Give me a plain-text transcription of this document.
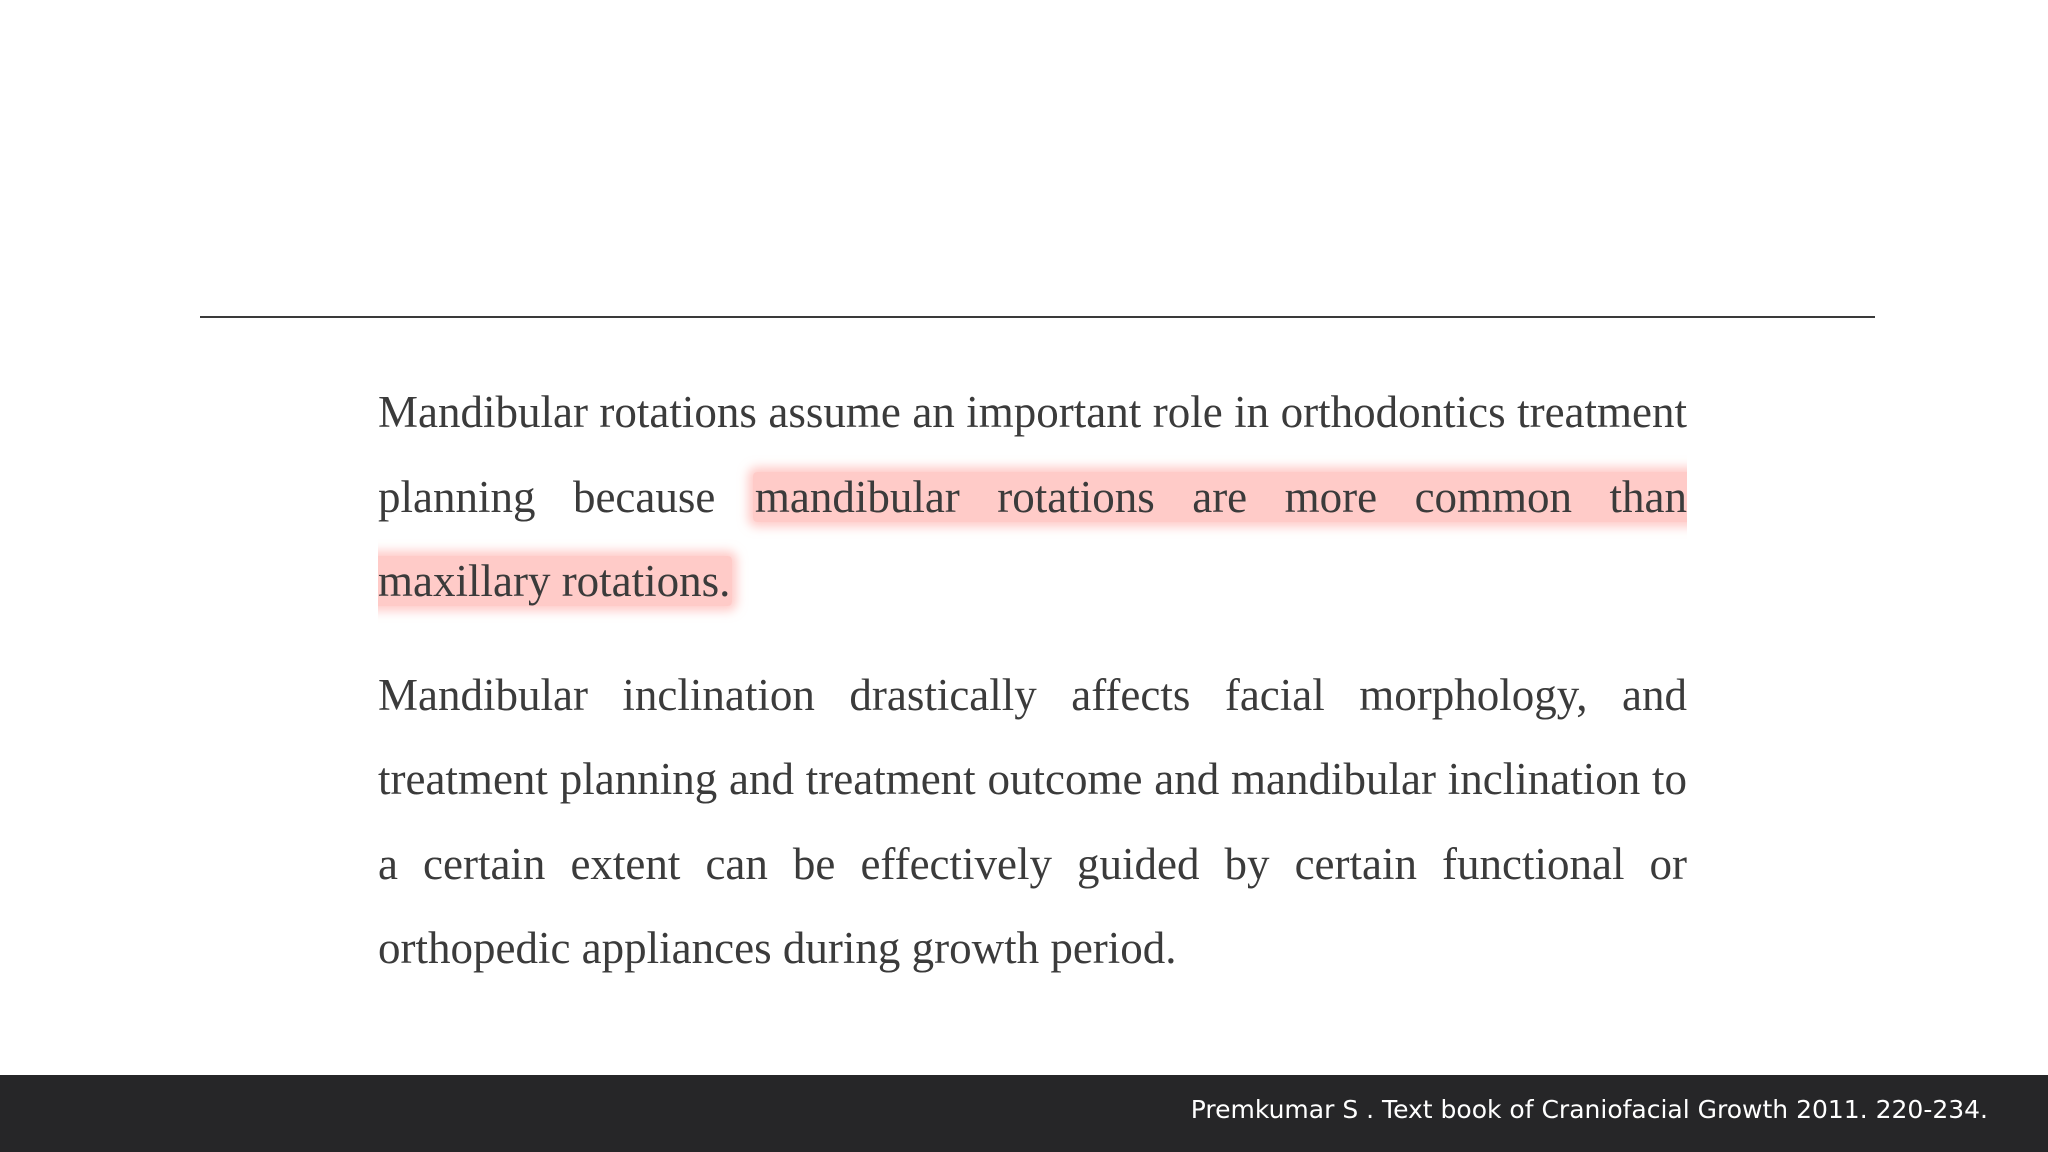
Mandibular rotations assume an important role in orthodontics treatment planning because mandibular rotations are more common than maxillary rotations.

Mandibular inclination drastically affects facial morphology, and treatment planning and treatment outcome and mandibular inclination to a certain extent can be effectively guided by certain functional or orthopedic appliances during growth period.

Premkumar S . Text book of Craniofacial Growth 2011. 220-234.
